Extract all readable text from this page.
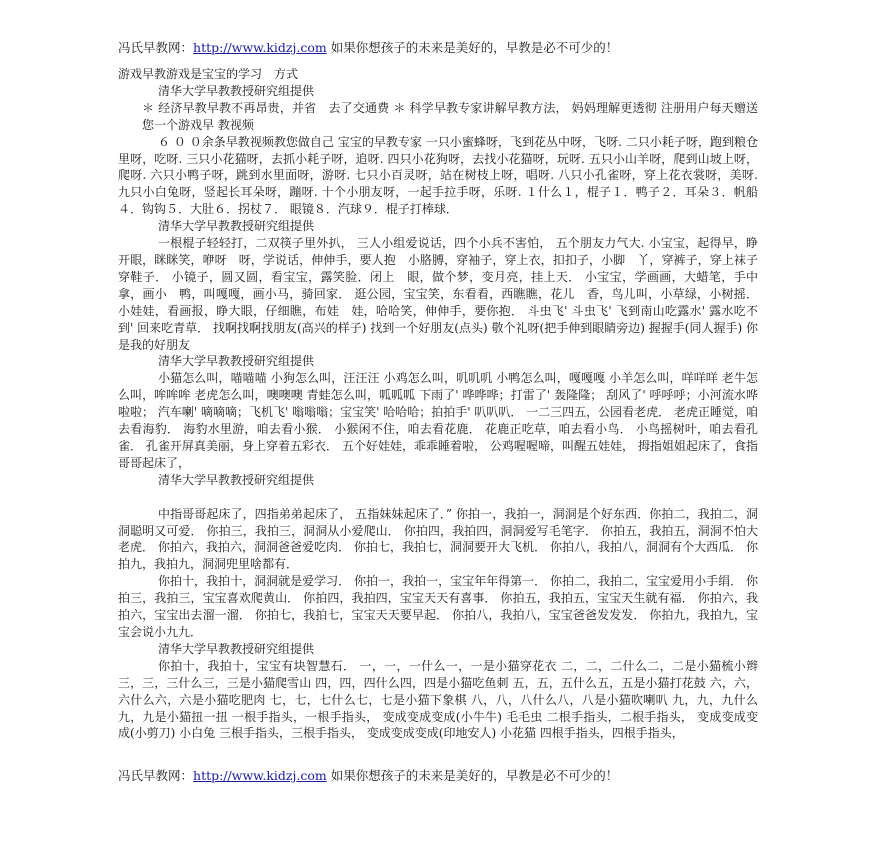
冯氏早教网：http://www.kidzj.com 如果你想孩子的未来是美好的，早教是必不可少的！

游戏早教游戏是宝宝的学习　方式

清华大学早教教授研究组提供

＊ 经济早教早教不再昂贵，并省　去了交通费 ＊ 科学早教专家讲解早教方法， 妈妈理解更透彻 注册用户每天赠送您一个游戏早 教视频

６ ０ ０余条早教视频教您做自己 宝宝的早教专家 一只小蜜蜂呀，飞到花丛中呀，飞呀. 二只小耗子呀，跑到粮仓里呀，吃呀. 三只小花猫呀，去抓小耗子呀，追呀. 四只小花狗呀，去找小花猫呀，玩呀. 五只小山羊呀，爬到山坡上呀，爬呀. 六只小鸭子呀，跳到水里面呀，游呀. 七只小百灵呀，站在树枝上呀，唱呀. 八只小孔雀呀，穿上花衣裳呀，美呀. 九只小白兔呀，竖起长耳朵呀，蹦呀. 十个小朋友呀，一起手拉手呀，乐呀. １什么１，棍子１．鸭子２．耳朵３．帆船４．钩钩５．大肚６．拐杖７． 眼镜８．汽球９．棍子打棒球．

清华大学早教教授研究组提供

一根棍子轻轻打，二双筷子里外扒， 三人小组爱说话，四个小兵不害怕， 五个朋友力气大. 小宝宝，起得早，睁开眼，眯眯笑，咿呀　呀，学说话，伸伸手，要人抱　小胳膊，穿袖子，穿上衣，扣扣子，小脚　丫，穿裤子，穿上袜子穿鞋子． 小镜子，圆又圆，看宝宝，露笑脸．闭上　眼，做个梦，变月亮，挂上天． 小宝宝，学画画，大蜡笔，手中拿，画小　鸭，叫嘎嘎，画小马，骑回家． 逛公园，宝宝笑，东看看，西瞧瞧，花儿　香，鸟儿叫，小草绿，小树摇． 小娃娃，看画报，睁大眼，仔细瞧，布娃　娃，哈哈笑，伸伸手，要你抱． 斗虫飞' 斗虫飞' 飞到南山吃露水' 露水吃不到' 回来吃青草． 找啊找啊找朋友(高兴的样子) 找到一个好朋友(点头) 敬个礼呀(把手伸到眼睛旁边) 握握手(同人握手) 你是我的好朋友

清华大学早教教授研究组提供

小猫怎么叫，喵喵喵 小狗怎么叫，汪汪汪 小鸡怎么叫，叽叽叽 小鸭怎么叫，嘎嘎嘎 小羊怎么叫，咩咩咩 老牛怎么叫，哞哞哞 老虎怎么叫，噢噢噢 青蛙怎么叫，呱呱呱 下雨了' 哗哗哗；打雷了' 轰隆隆； 刮风了' 呼呼呼；小河流水哗啦啦； 汽车喇' 嘀嘀嘀；飞机飞' 嗡嗡嗡；宝宝笑' 哈哈哈；拍拍手' 叭叭叭． 一二三四五，公园看老虎． 老虎正睡觉，咱去看海豹． 海豹水里游，咱去看小猴． 小猴闲不住，咱去看花鹿． 花鹿正吃草，咱去看小鸟． 小鸟摇树叶，咱去看孔雀． 孔雀开屏真美丽，身上穿着五彩衣． 五个好娃娃，乖乖睡着啦， 公鸡喔喔啼，叫醒五娃娃， 拇指姐姐起床了，食指哥哥起床了，

清华大学早教教授研究组提供

中指哥哥起床了，四指弟弟起床了， 五指妹妹起床了．” 你拍一，我拍一，洞洞是个好东西．你拍二，我拍二，洞洞聪明又可爱． 你拍三，我拍三，洞洞从小爱爬山． 你拍四，我拍四，洞洞爱写毛笔字． 你拍五，我拍五，洞洞不怕大老虎． 你拍六，我拍六，洞洞爸爸爱吃肉． 你拍七，我拍七，洞洞要开大飞机． 你拍八，我拍八，洞洞有个大西瓜． 你拍九，我拍九，洞洞兜里啥都有．

你拍十，我拍十，洞洞就是爱学习． 你拍一，我拍一，宝宝年年得第一． 你拍二，我拍二，宝宝爱用小手绢． 你拍三，我拍三，宝宝喜欢爬黄山． 你拍四，我拍四，宝宝天天有喜事． 你拍五，我拍五，宝宝天生就有福． 你拍六，我拍六，宝宝出去溜一溜． 你拍七，我拍七，宝宝天天要早起． 你拍八，我拍八，宝宝爸爸发发发． 你拍九，我拍九，宝宝会说小九九．

清华大学早教教授研究组提供

你拍十，我拍十，宝宝有块智慧石． 一，一，一什么一，一是小猫穿花衣 二，二，二什么二，二是小猫梳小辫 三，三，三什么三，三是小猫爬雪山 四，四，四什么四，四是小猫吃鱼刺 五，五，五什么五，五是小猫打花鼓 六，六，六什么六，六是小猫吃肥肉 七，七，七什么七，七是小猫下象棋 八，八，八什么八，八是小猫吹喇叭 九，九，九什么九，九是小猫扭一扭 一根手指头，一根手指头， 变成变成变成(小牛牛) 毛毛虫 二根手指头，二根手指头， 变成变成变成(小剪刀) 小白兔 三根手指头，三根手指头， 变成变成变成(印地安人) 小花猫 四根手指头，四根手指头，

冯氏早教网：http://www.kidzj.com 如果你想孩子的未来是美好的，早教是必不可少的！
